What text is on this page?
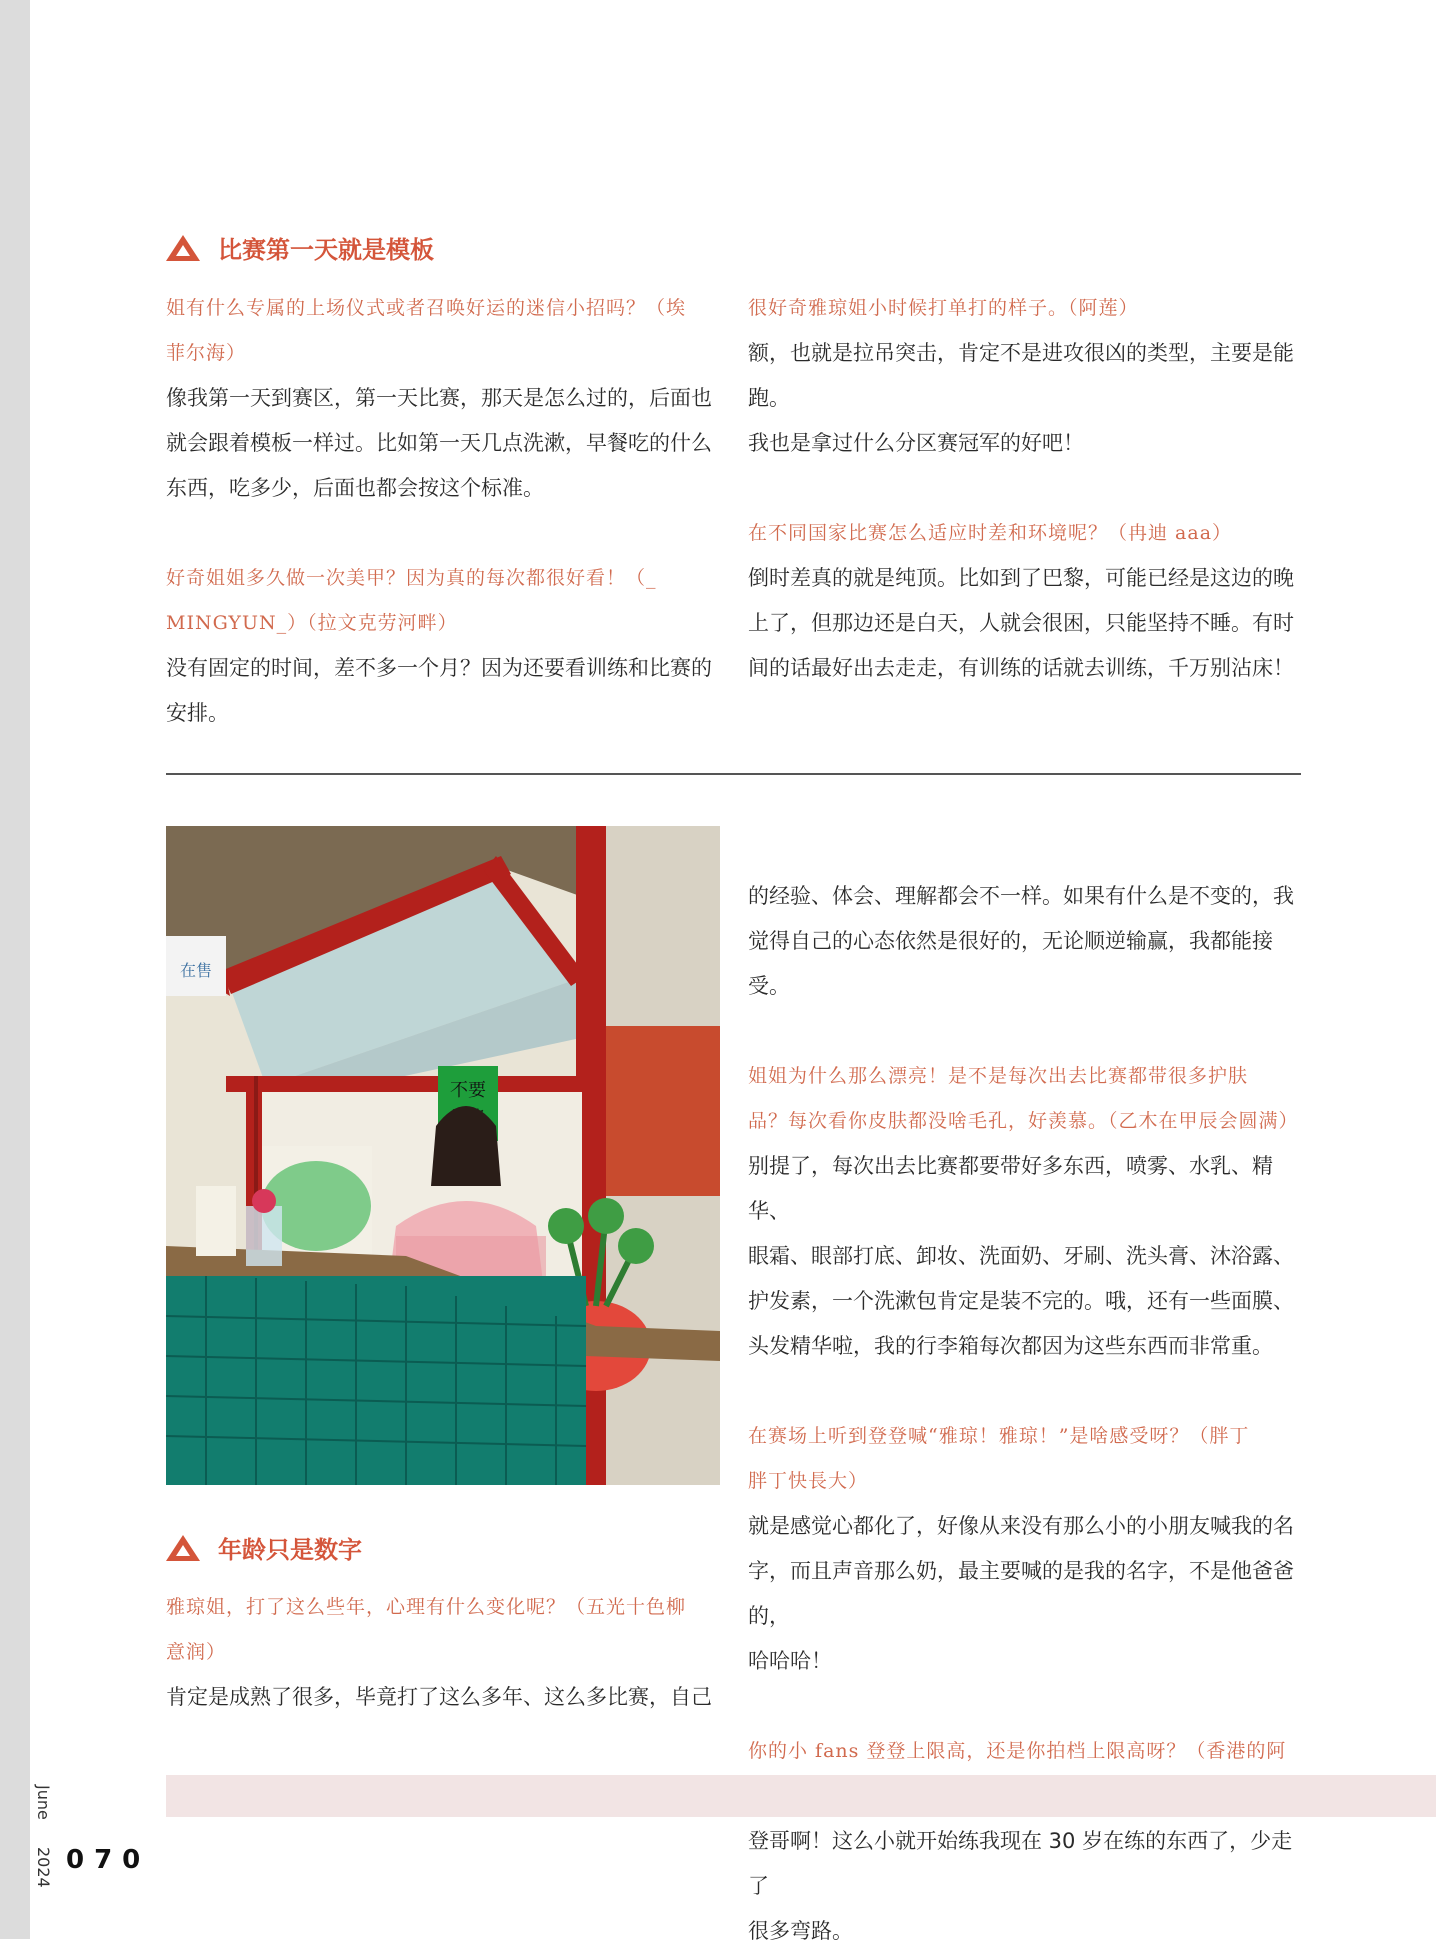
比赛第一天就是模板
姐有什么专属的上场仪式或者召唤好运的迷信小招吗？（埃
菲尔海）
像我第一天到赛区，第一天比赛，那天是怎么过的，后面也
就会跟着模板一样过。比如第一天几点洗漱，早餐吃的什么
东西，吃多少，后面也都会按这个标准。
好奇姐姐多久做一次美甲？因为真的每次都很好看！（_
MINGYUN_）（拉文克劳河畔）
没有固定的时间，差不多一个月？因为还要看训练和比赛的
安排。
很好奇雅琼姐小时候打单打的样子。（阿莲）
额，也就是拉吊突击，肯定不是进攻很凶的类型，主要是能跑。
我也是拿过什么分区赛冠军的好吧！
在不同国家比赛怎么适应时差和环境呢？（冉迪 aaa）
倒时差真的就是纯顶。比如到了巴黎，可能已经是这边的晚
上了，但那边还是白天，人就会很困，只能坚持不睡。有时
间的话最好出去走走，有训练的话就去训练，千万别沾床！
不要
在售
年龄只是数字
雅琼姐，打了这么些年，心理有什么变化呢？（五光十色柳
意润）
肯定是成熟了很多，毕竟打了这么多年、这么多比赛，自己
的经验、体会、理解都会不一样。如果有什么是不变的，我
觉得自己的心态依然是很好的，无论顺逆输赢，我都能接受。
姐姐为什么那么漂亮！是不是每次出去比赛都带很多护肤
品？每次看你皮肤都没啥毛孔，好羡慕。（乙木在甲辰会圆满）
别提了，每次出去比赛都要带好多东西，喷雾、水乳、精华、
眼霜、眼部打底、卸妆、洗面奶、牙刷、洗头膏、沐浴露、
护发素，一个洗漱包肯定是装不完的。哦，还有一些面膜、
头发精华啦，我的行李箱每次都因为这些东西而非常重。
在赛场上听到登登喊“雅琼！雅琼！”是啥感受呀？（胖丁
胖丁快長大）
就是感觉心都化了，好像从来没有那么小的小朋友喊我的名
字，而且声音那么奶，最主要喊的是我的名字，不是他爸爸的，
哈哈哈！
你的小 fans 登登上限高，还是你拍档上限高呀？（香港的阿
登哥啊！这么小就开始练我现在 30 岁在练的东西了，少走了
很多弯路。
June
2024 070
